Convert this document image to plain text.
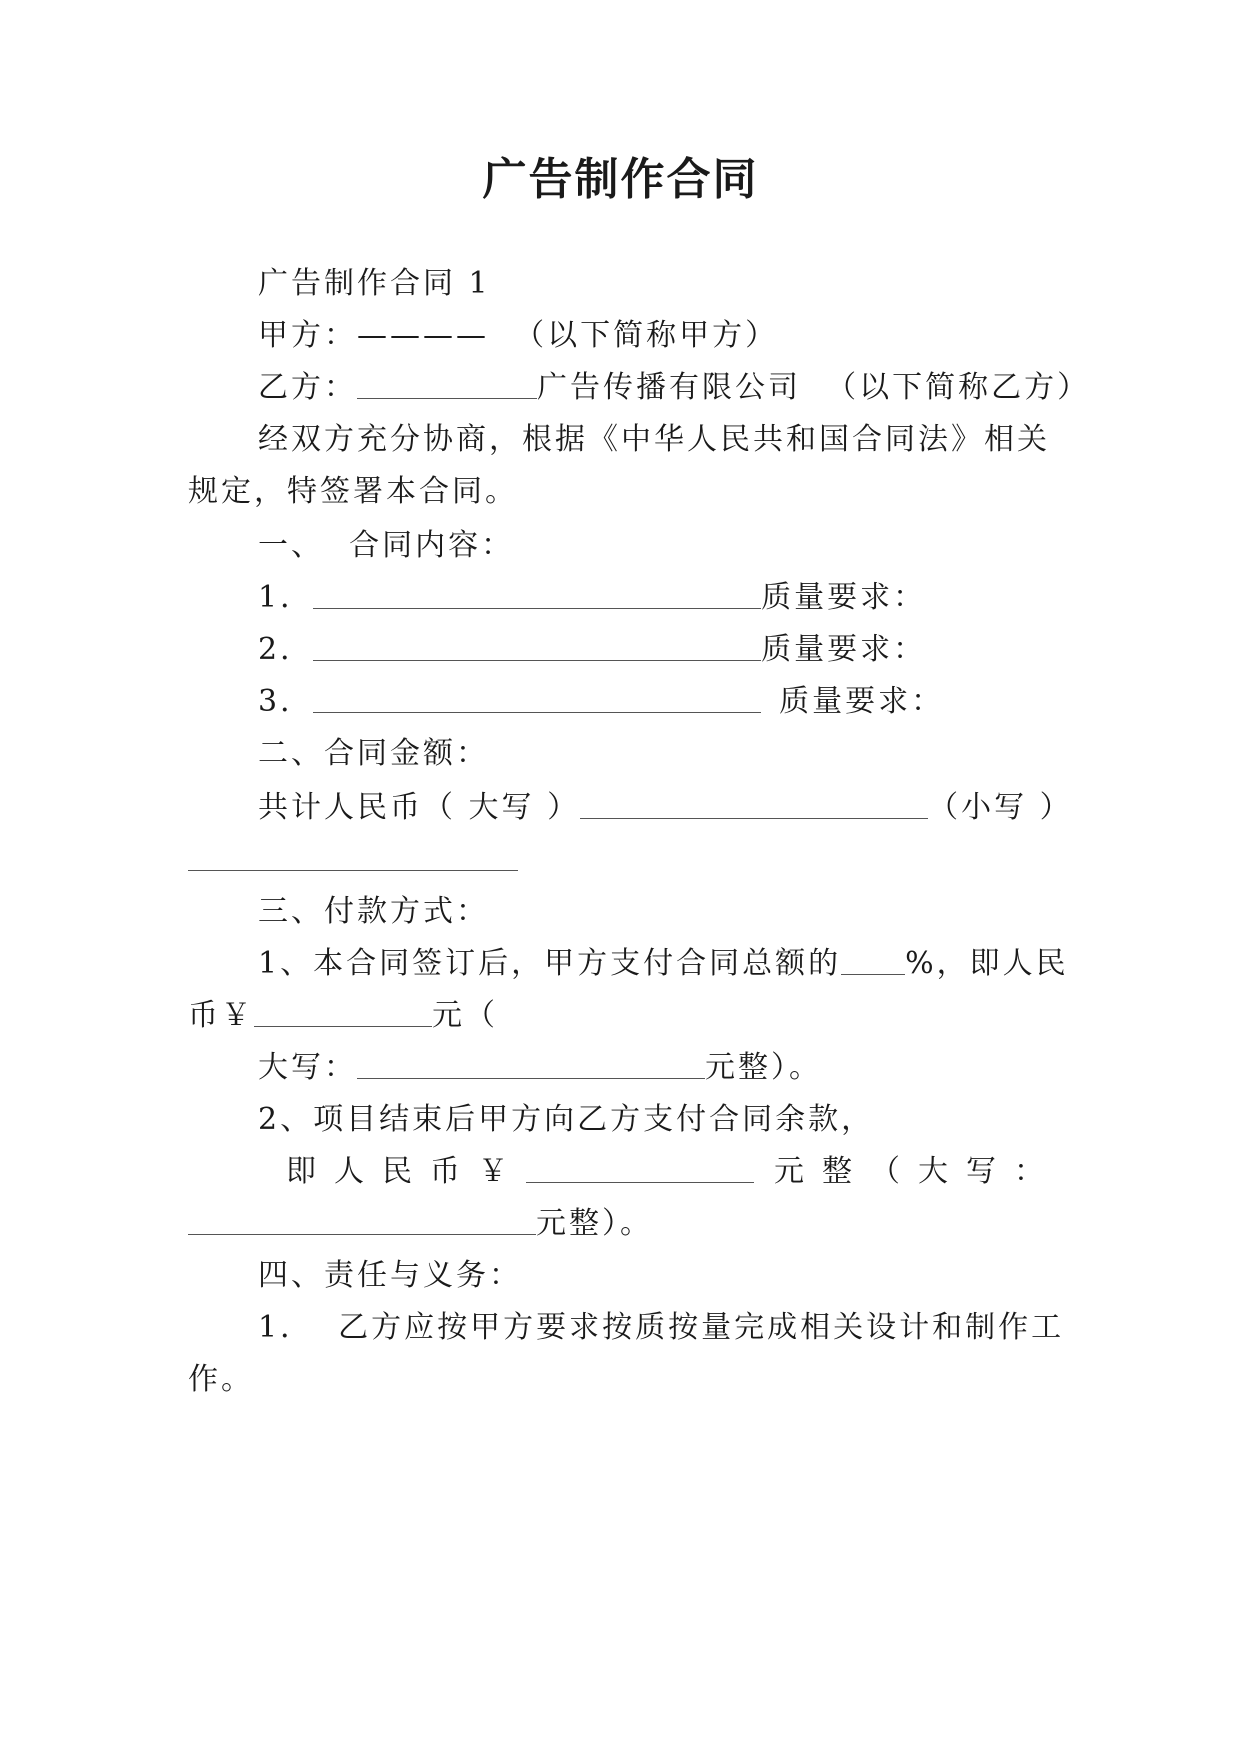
广告制作合同
广告制作合同 1
甲方：————  （以下简称甲方）
乙方：	广告传播有限公司  （以下简称乙方）
经双方充分协商，根据《中华人民共和国合同法》相关
规定，特签署本合同。
一、  合同内容：
1．	质量要求：
2．	质量要求：
3．	质量要求：
二、合同金额：
共计人民币（ 大写 ）	（小写 ）
三、付款方式：
1、本合同签订后，甲方支付合同总额的 %，即人民
币￥	元（
大写：	元整）。
2、项目结束后甲方向乙方支付合同余款，
即人民币￥	元整（大写：
元整）。
四、责任与义务：
1．  乙方应按甲方要求按质按量完成相关设计和制作工
作。
